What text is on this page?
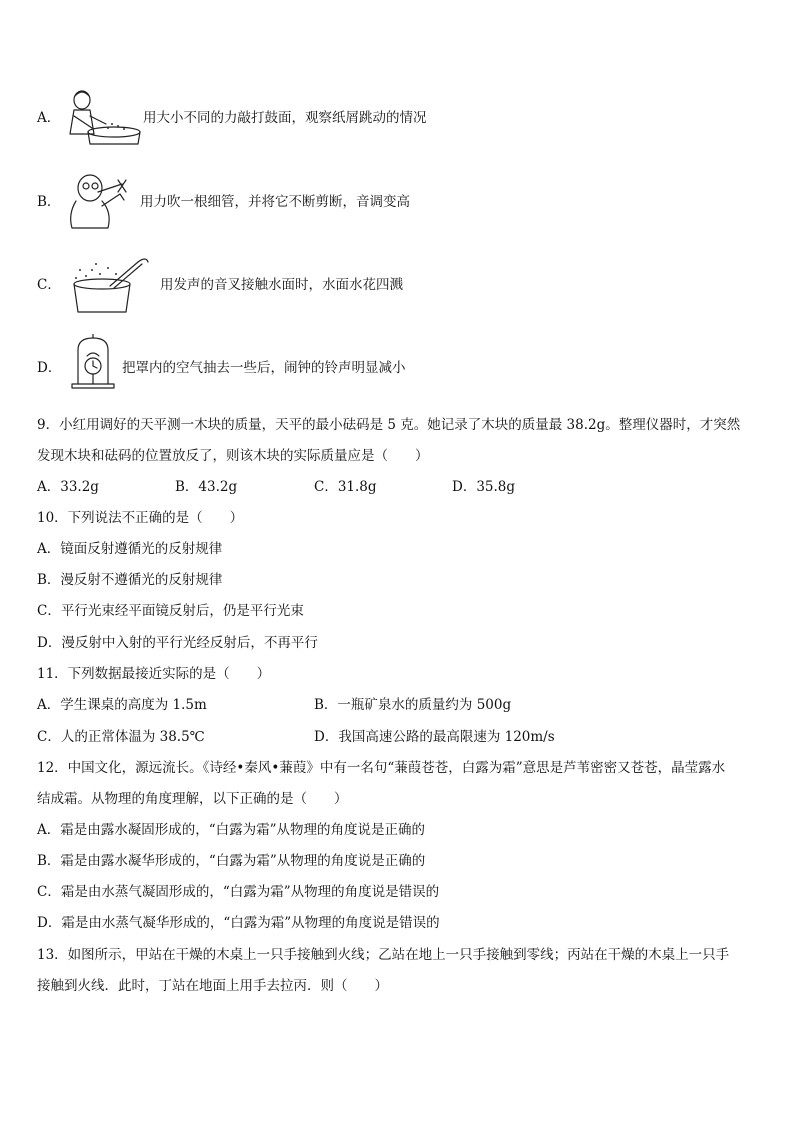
A．	用大小不同的力敲打鼓面，观察纸屑跳动的情况
B．	用力吹一根细管，并将它不断剪断，音调变高
C．	用发声的音叉接触水面时，水面水花四溅
D．	把罩内的空气抽去一些后，闹钟的铃声明显减小
9．小红用调好的天平测一木块的质量，天平的最小砝码是 5 克。她记录了木块的质量最 38.2g。整理仪器时，才突然
发现木块和砝码的位置放反了，则该木块的实际质量应是（　　）
A．33.2g	B．43.2g	C．31.8g	D．35.8g
10．下列说法不正确的是（　　）
A．镜面反射遵循光的反射规律
B．漫反射不遵循光的反射规律
C．平行光束经平面镜反射后，仍是平行光束
D．漫反射中入射的平行光经反射后，不再平行
11．下列数据最接近实际的是（　　）
A．学生课桌的高度为 1.5m	B．一瓶矿泉水的质量约为 500g
C．人的正常体温为 38.5℃	D．我国高速公路的最高限速为 120m/s
12．中国文化，源远流长。《诗经•秦风•蒹葭》中有一名句“蒹葭苍苍，白露为霜”意思是芦苇密密又苍苍，晶莹露水
结成霜。从物理的角度理解，以下正确的是（　　）
A．霜是由露水凝固形成的，“白露为霜”从物理的角度说是正确的
B．霜是由露水凝华形成的，“白露为霜”从物理的角度说是正确的
C．霜是由水蒸气凝固形成的，“白露为霜”从物理的角度说是错误的
D．霜是由水蒸气凝华形成的，“白露为霜”从物理的角度说是错误的
13．如图所示，甲站在干燥的木桌上一只手接触到火线；乙站在地上一只手接触到零线；丙站在干燥的木桌上一只手
接触到火线．此时，丁站在地面上用手去拉丙．则（　　）
